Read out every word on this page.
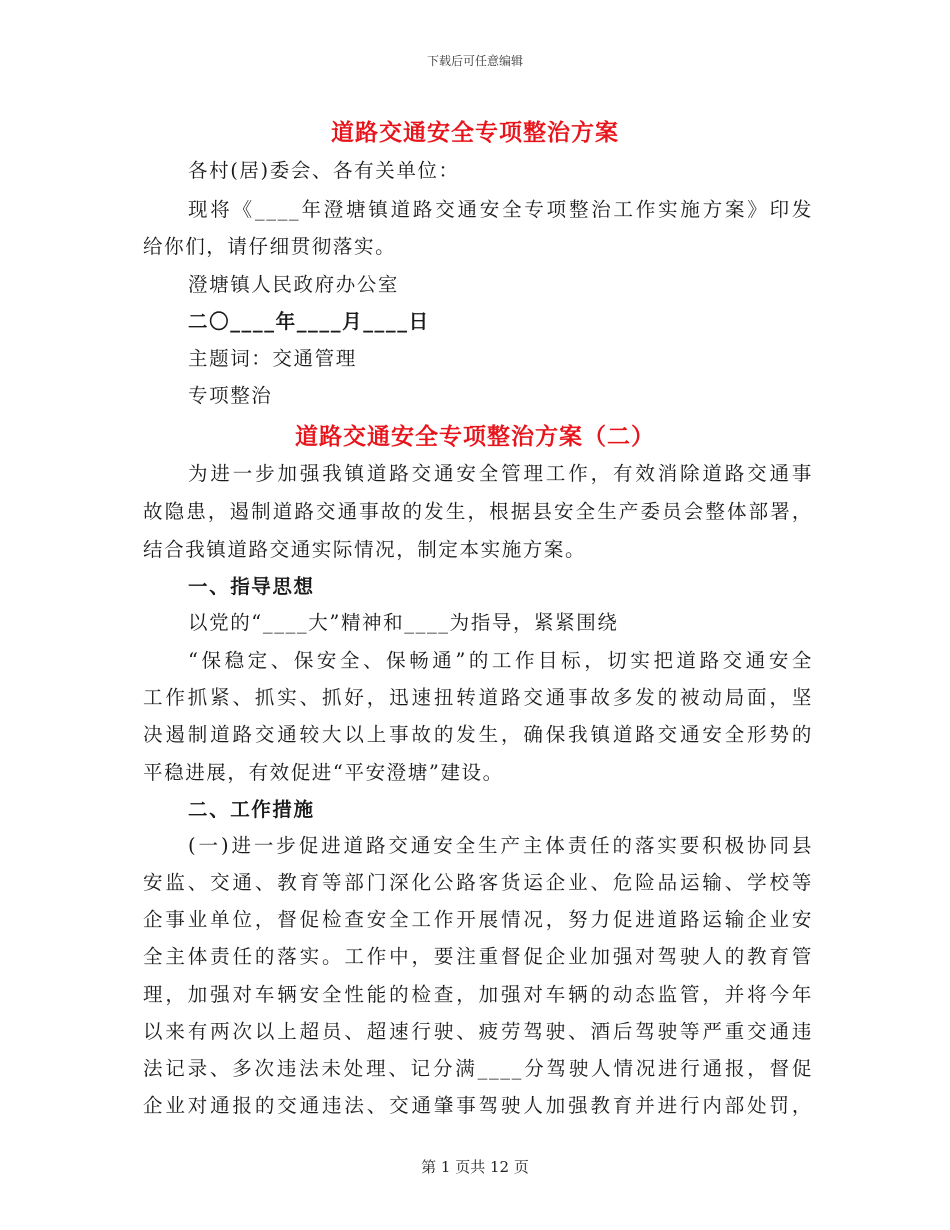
下载后可任意编辑
道路交通安全专项整治方案
各村(居)委会、各有关单位：
现将《____年澄塘镇道路交通安全专项整治工作实施方案》印发
给你们，请仔细贯彻落实。
澄塘镇人民政府办公室
二〇____年____月____日
主题词：交通管理
专项整治
道路交通安全专项整治方案（二）
为进一步加强我镇道路交通安全管理工作，有效消除道路交通事
故隐患，遏制道路交通事故的发生，根据县安全生产委员会整体部署，
结合我镇道路交通实际情况，制定本实施方案。
一、指导思想
以党的“____大”精神和____为指导，紧紧围绕
“保稳定、保安全、保畅通”的工作目标，切实把道路交通安全
工作抓紧、抓实、抓好，迅速扭转道路交通事故多发的被动局面，坚
决遏制道路交通较大以上事故的发生，确保我镇道路交通安全形势的
平稳进展，有效促进“平安澄塘”建设。
二、工作措施
(一)进一步促进道路交通安全生产主体责任的落实要积极协同县
安监、交通、教育等部门深化公路客货运企业、危险品运输、学校等
企事业单位，督促检查安全工作开展情况，努力促进道路运输企业安
全主体责任的落实。工作中，要注重督促企业加强对驾驶人的教育管
理，加强对车辆安全性能的检查，加强对车辆的动态监管，并将今年
以来有两次以上超员、超速行驶、疲劳驾驶、酒后驾驶等严重交通违
法记录、多次违法未处理、记分满____分驾驶人情况进行通报，督促
企业对通报的交通违法、交通肇事驾驶人加强教育并进行内部处罚，
第 1 页共 12 页
